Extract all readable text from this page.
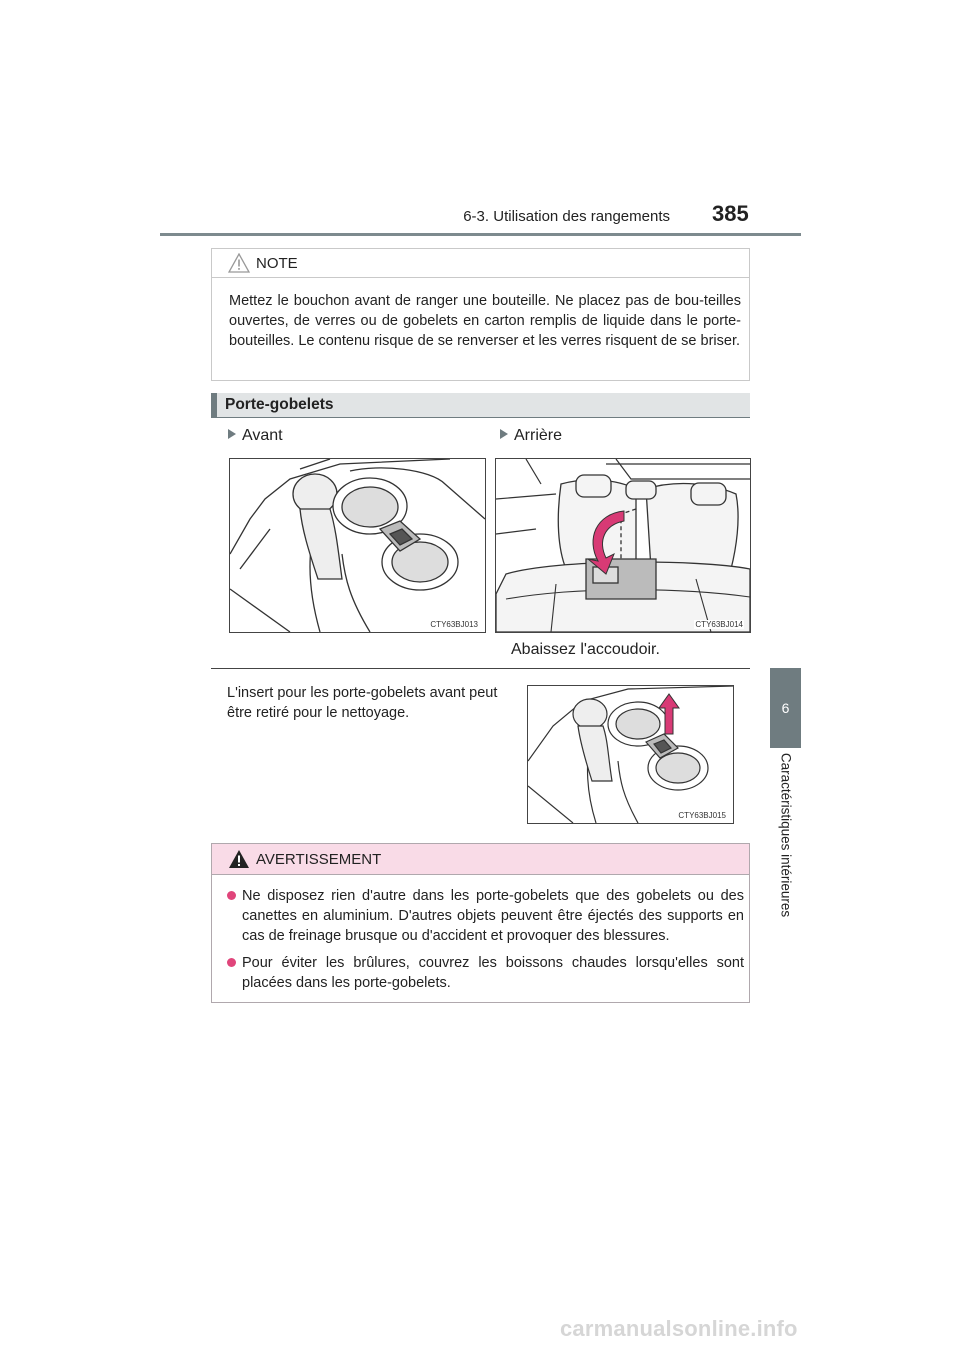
6-3. Utilisation des rangements 385
6
Caractéristiques intérieures
NOTE
Mettez le bouchon avant de ranger une bouteille. Ne placez pas de bou-teilles ouvertes, de verres ou de gobelets en carton remplis de liquide dans le porte-bouteilles. Le contenu risque de se renverser et les verres risquent de se briser.
Porte-gobelets
Avant	Arrière
CTY63BJ013	CTY63BJ014
Abaissez l'accoudoir.
L'insert pour les porte-gobelets avant peut être retiré pour le nettoyage.
CTY63BJ015
AVERTISSEMENT
Ne disposez rien d'autre dans les porte-gobelets que des gobelets ou des canettes en aluminium. D'autres objets peuvent être éjectés des supports en cas de freinage brusque ou d'accident et provoquer des blessures.
Pour éviter les brûlures, couvrez les boissons chaudes lorsqu'elles sont placées dans les porte-gobelets.
carmanualsonline.info
